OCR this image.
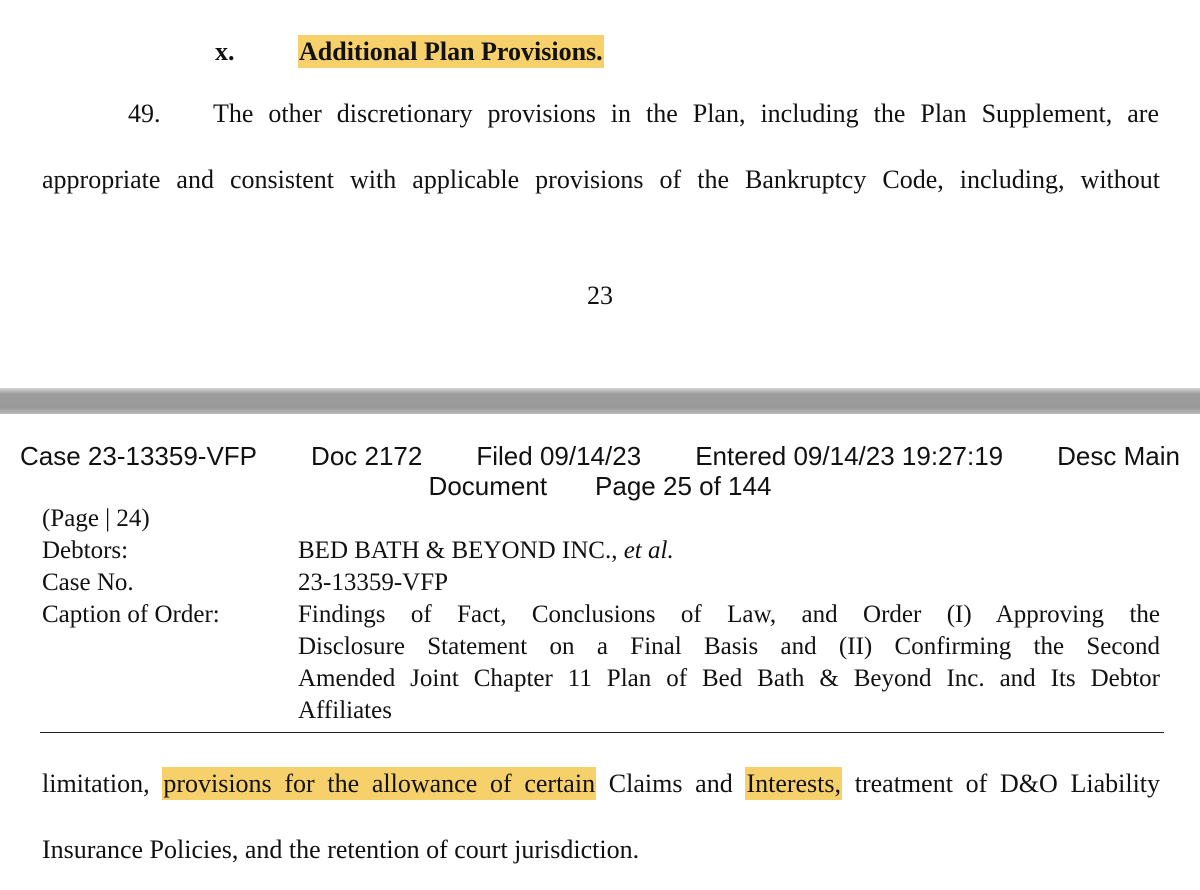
x. Additional Plan Provisions.
49. The other discretionary provisions in the Plan, including the Plan Supplement, are
appropriate and consistent with applicable provisions of the Bankruptcy Code, including, without
23
Case 23-13359-VFP Doc 2172 Filed 09/14/23 Entered 09/14/23 19:27:19 Desc Main
Document Page 25 of 144
(Page | 24)
Debtors:	BED BATH & BEYOND INC., et al.
Case No.	23-13359-VFP
Caption of Order:	Findings of Fact, Conclusions of Law, and Order (I) Approving the
Disclosure Statement on a Final Basis and (II) Confirming the Second
Amended Joint Chapter 11 Plan of Bed Bath & Beyond Inc. and Its Debtor
Affiliates
limitation, provisions for the allowance of certain Claims and Interests, treatment of D&O Liability
Insurance Policies, and the retention of court jurisdiction.
